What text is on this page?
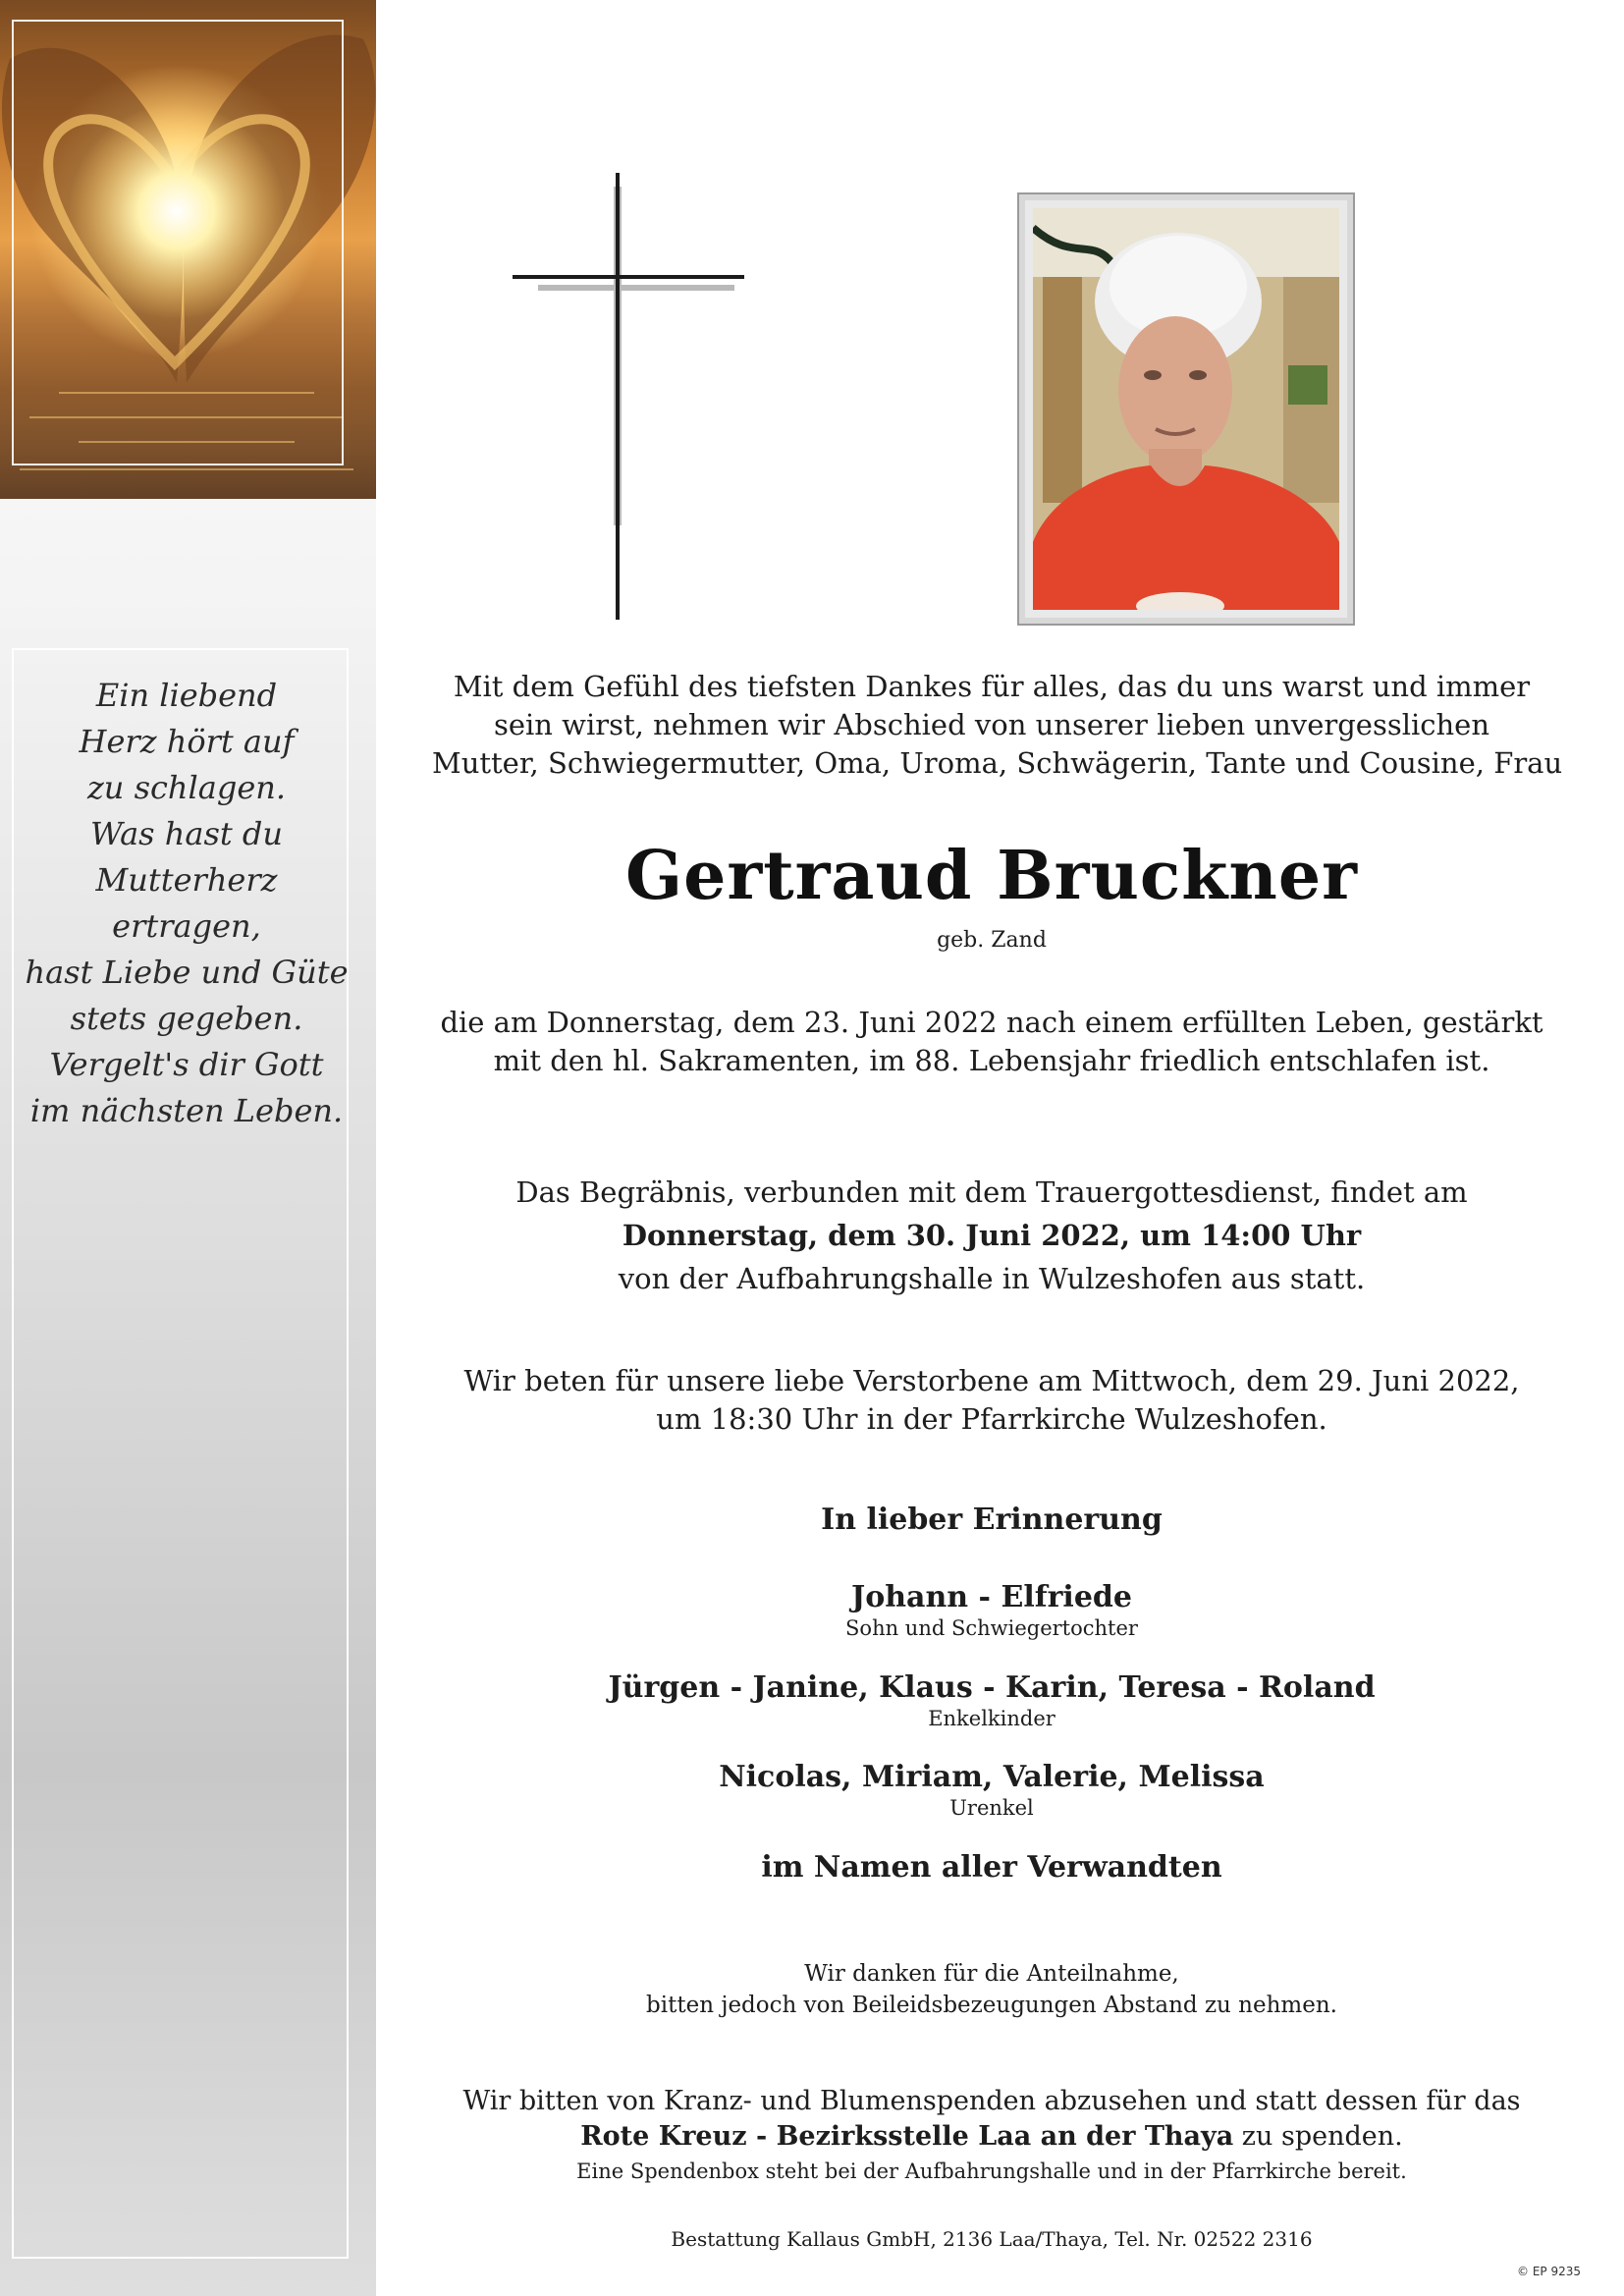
Ein liebend
Herz hört auf
zu schlagen.
Was hast du
Mutterherz
ertragen,
hast Liebe und Güte
stets gegeben.
Vergelt's dir Gott
im nächsten Leben.
Mit dem Gefühl des tiefsten Dankes für alles, das du uns warst und immer
sein wirst, nehmen wir Abschied von unserer lieben unvergesslichen
Mutter, Schwiegermutter, Oma, Uroma, Schwägerin, Tante und Cousine, Frau
Gertraud Bruckner
geb. Zand
die am Donnerstag, dem 23. Juni 2022 nach einem erfüllten Leben, gestärkt
mit den hl. Sakramenten, im 88. Lebensjahr friedlich entschlafen ist.
Das Begräbnis, verbunden mit dem Trauergottesdienst, findet am
Donnerstag, dem 30. Juni 2022, um 14:00 Uhr
von der Aufbahrungshalle in Wulzeshofen aus statt.
Wir beten für unsere liebe Verstorbene am Mittwoch, dem 29. Juni 2022,
um 18:30 Uhr in der Pfarrkirche Wulzeshofen.
In lieber Erinnerung
Johann - Elfriede
Sohn und Schwiegertochter
Jürgen - Janine, Klaus - Karin, Teresa - Roland
Enkelkinder
Nicolas, Miriam, Valerie, Melissa
Urenkel
im Namen aller Verwandten
Wir danken für die Anteilnahme,
bitten jedoch von Beileidsbezeugungen Abstand zu nehmen.
Wir bitten von Kranz- und Blumenspenden abzusehen und statt dessen für das
Rote Kreuz - Bezirksstelle Laa an der Thaya zu spenden.
Eine Spendenbox steht bei der Aufbahrungshalle und in der Pfarrkirche bereit.
Bestattung Kallaus GmbH, 2136 Laa/Thaya, Tel. Nr. 02522 2316
© EP 9235
